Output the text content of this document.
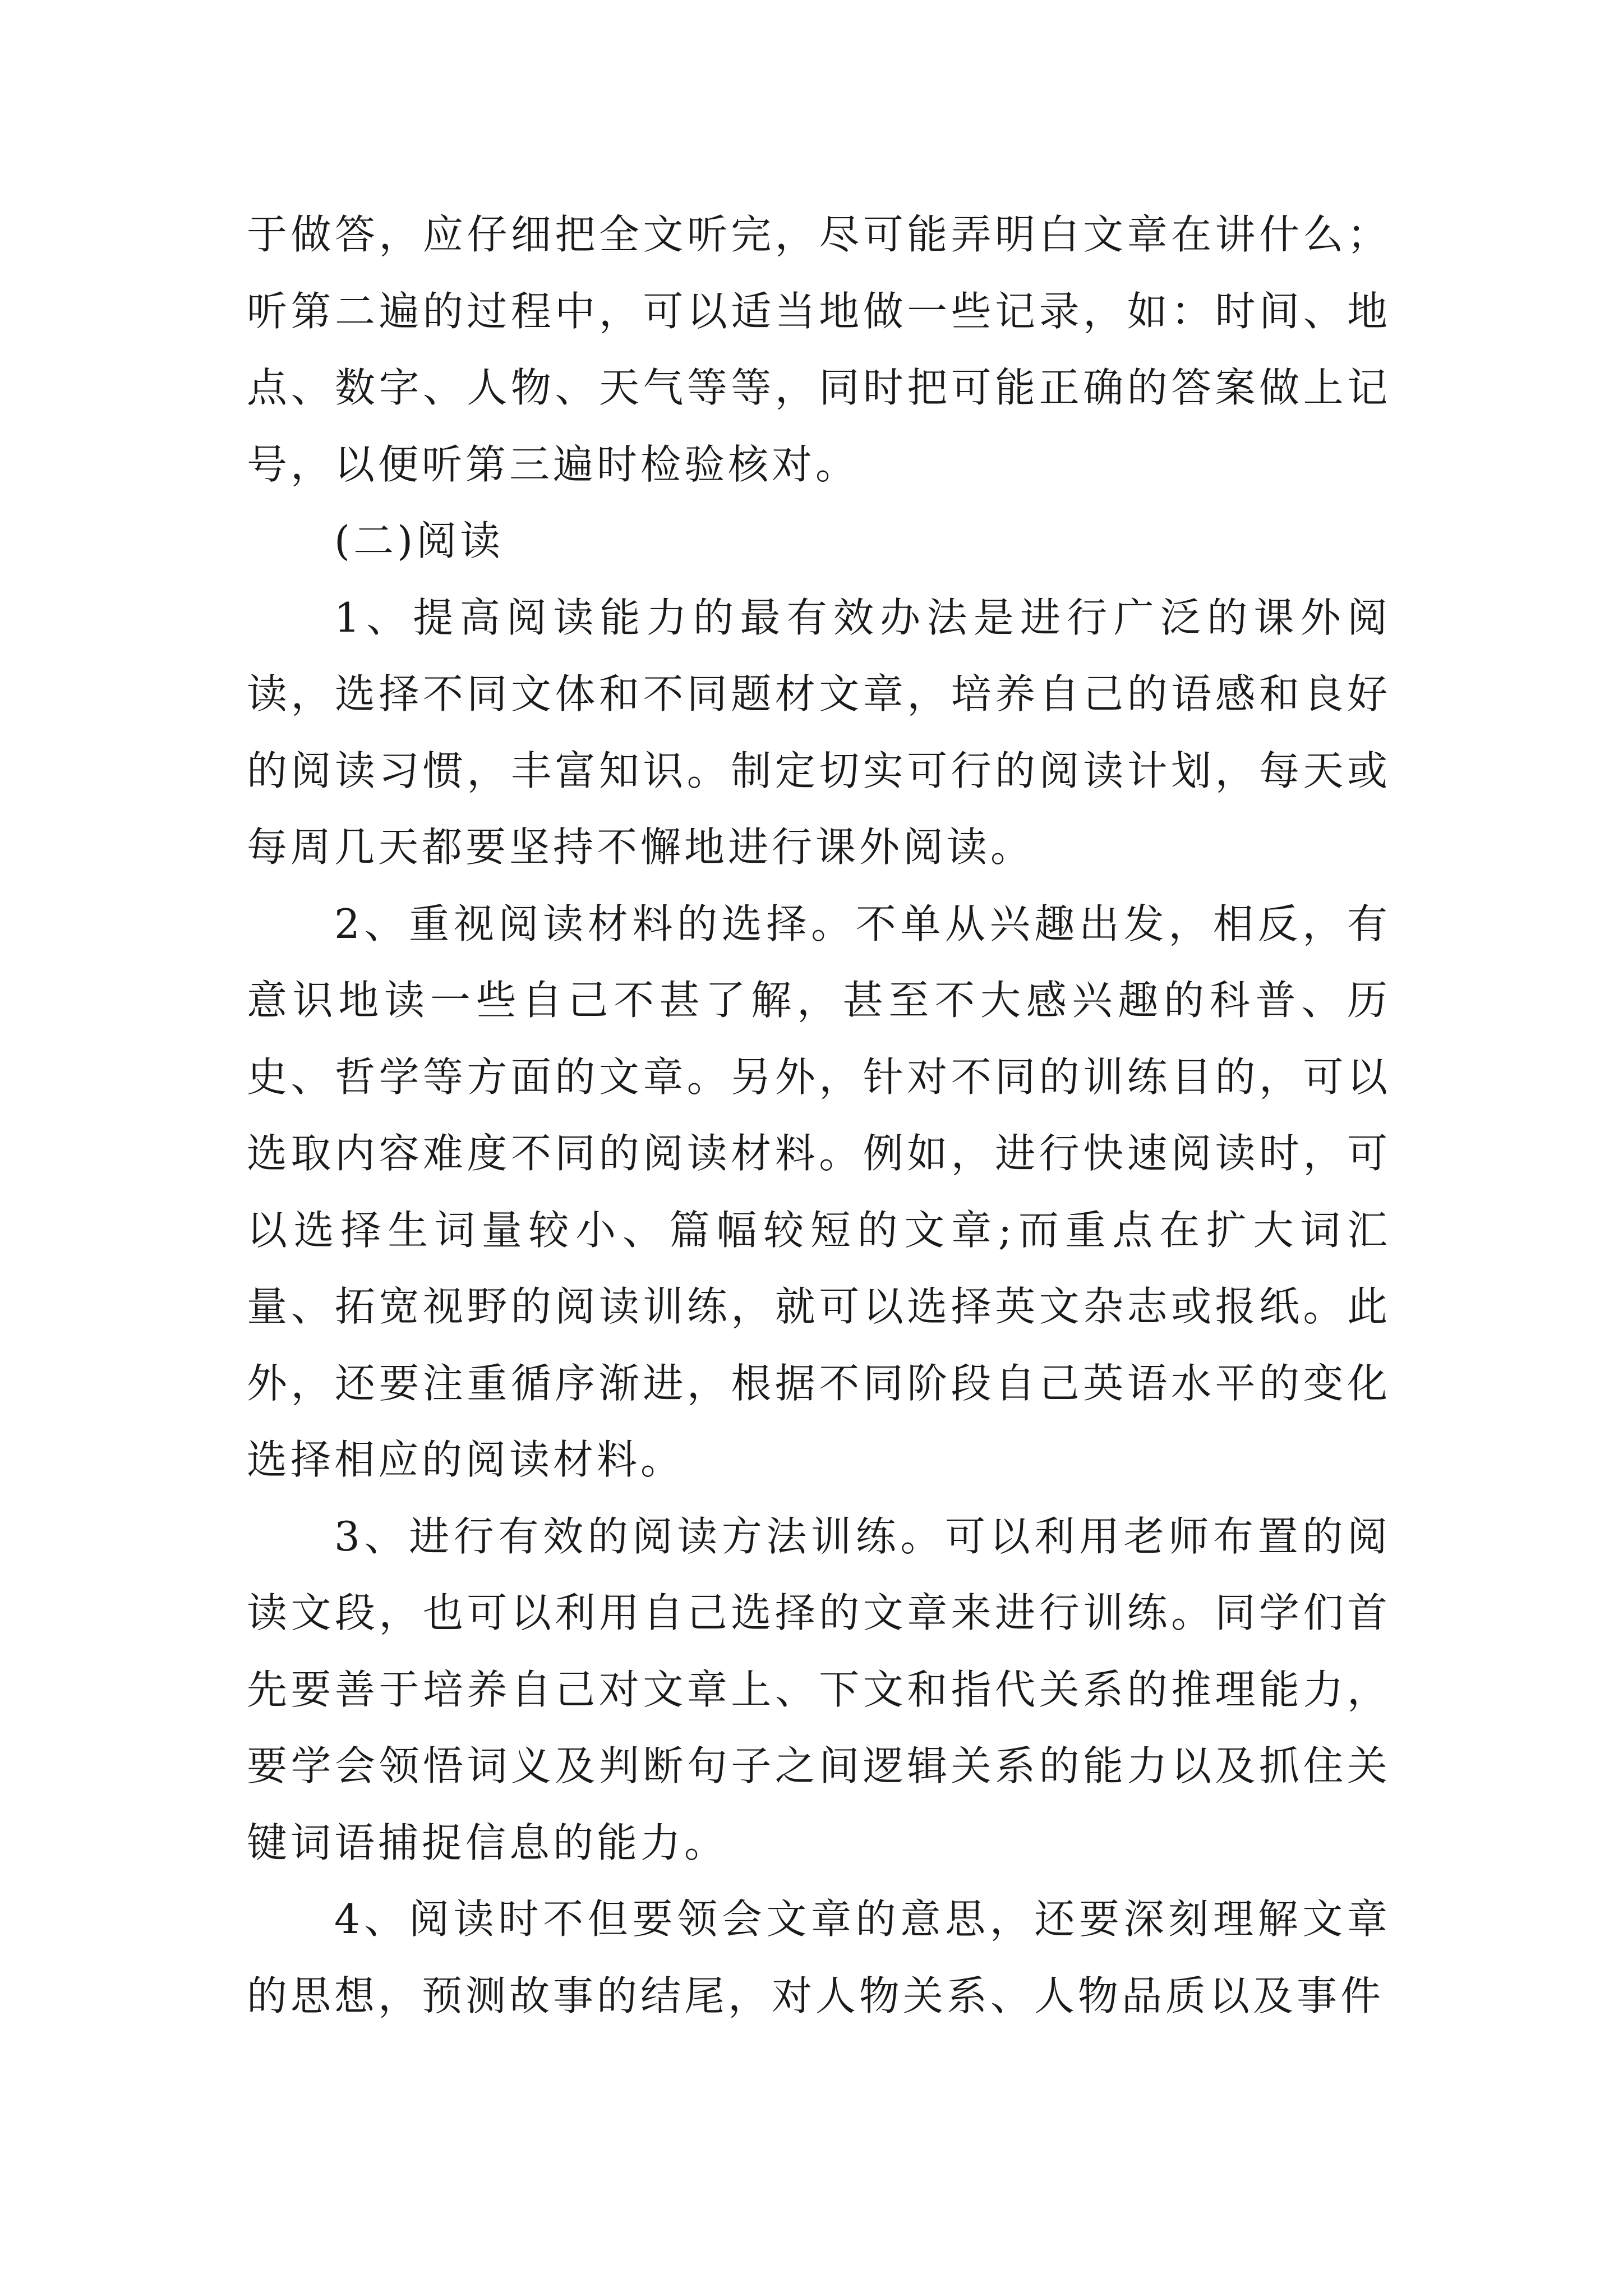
于做答，应仔细把全文听完，尽可能弄明白文章在讲什么；听第二遍的过程中，可以适当地做一些记录，如：时间、地点、数字、人物、天气等等，同时把可能正确的答案做上记号，以便听第三遍时检验核对。

(二)阅读

1、提高阅读能力的最有效办法是进行广泛的课外阅读，选择不同文体和不同题材文章，培养自己的语感和良好的阅读习惯，丰富知识。制定切实可行的阅读计划，每天或每周几天都要坚持不懈地进行课外阅读。

2、重视阅读材料的选择。不单从兴趣出发，相反，有意识地读一些自己不甚了解，甚至不大感兴趣的科普、历史、哲学等方面的文章。另外，针对不同的训练目的，可以选取内容难度不同的阅读材料。例如，进行快速阅读时，可以选择生词量较小、篇幅较短的文章;而重点在扩大词汇量、拓宽视野的阅读训练，就可以选择英文杂志或报纸。此外，还要注重循序渐进，根据不同阶段自己英语水平的变化选择相应的阅读材料。

3、进行有效的阅读方法训练。可以利用老师布置的阅读文段，也可以利用自己选择的文章来进行训练。同学们首先要善于培养自己对文章上、下文和指代关系的推理能力，要学会领悟词义及判断句子之间逻辑关系的能力以及抓住关键词语捕捉信息的能力。

4、阅读时不但要领会文章的意思，还要深刻理解文章的思想，预测故事的结尾，对人物关系、人物品质以及事件
